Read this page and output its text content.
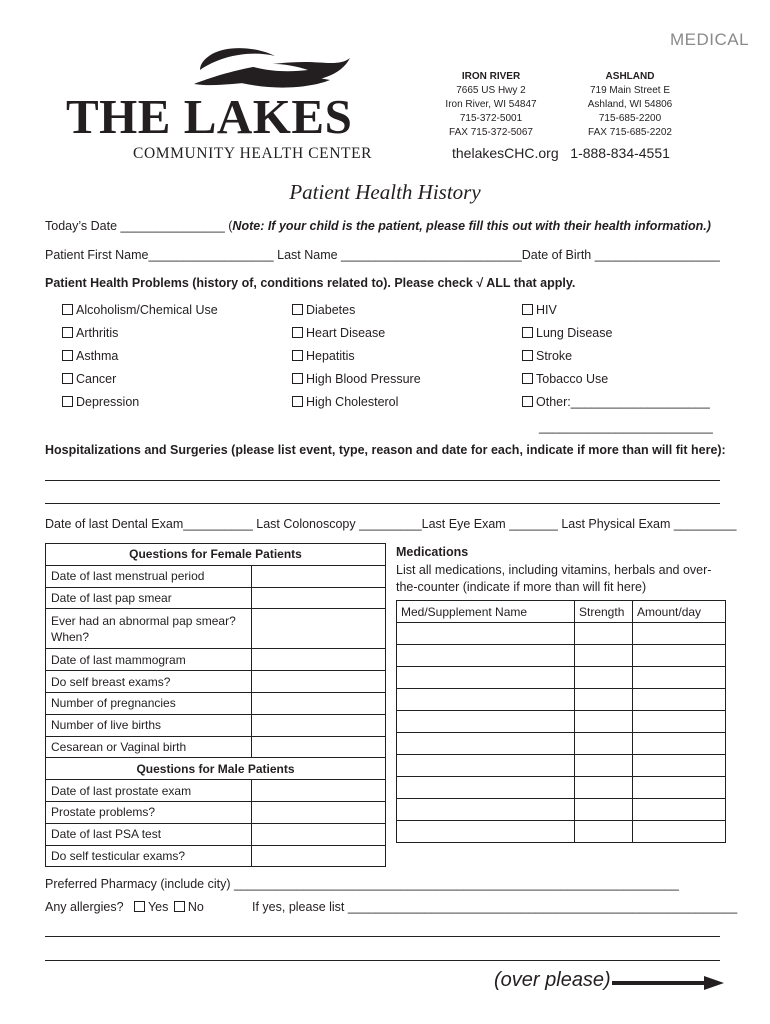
MEDICAL
THE LAKES
COMMUNITY HEALTH CENTER
IRON RIVER
7665 US Hwy 2
Iron River, WI 54847
715-372-5001
FAX 715-372-5067
ASHLAND
719 Main Street E
Ashland, WI 54806
715-685-2200
FAX 715-685-2202
thelakesCHC.org 1-888-834-4551
Patient Health History
Today’s Date _______________ (Note: If your child is the patient, please fill this out with their health information.)
Patient First Name__________________ Last Name __________________________Date of Birth __________________
Patient Health Problems (history of, conditions related to). Please check √ ALL that apply.
Alcoholism/Chemical Use
Arthritis
Asthma
Cancer
Depression
Diabetes
Heart Disease
Hepatitis
High Blood Pressure
High Cholesterol
HIV
Lung Disease
Stroke
Tobacco Use
Other:____________________
_________________________
Hospitalizations and Surgeries (please list event, type, reason and date for each, indicate if more than will fit here):
Date of last Dental Exam__________ Last Colonoscopy _________Last Eye Exam _______ Last Physical Exam _________
Questions for Female Patients	
Date of last menstrual period	
Date of last pap smear	
Ever had an abnormal pap smear? When?	
Date of last mammogram	
Do self breast exams?	
Number of pregnancies	
Number of live births	
Cesarean or Vaginal birth	
Questions for Male Patients	
Date of last prostate exam	
Prostate problems?	
Date of last PSA test	
Do self testicular exams?	
Medications
List all medications, including vitamins, herbals and over-the-counter (indicate if more than will fit here)
Med/Supplement Name	Strength	Amount/day

Preferred Pharmacy (include city) ________________________________________________________________
Any allergies? Yes No	If yes, please list ________________________________________________________
(over please)
